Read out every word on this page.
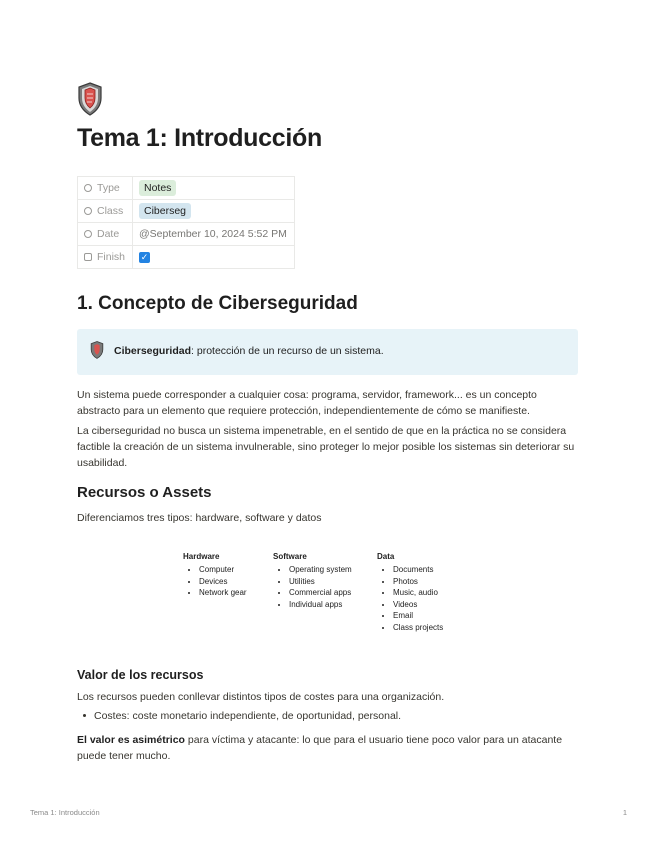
Tema 1: Introducción
Type	Notes
Class	Ciberseg
Date	@September 10, 2024 5:52 PM
Finish	✓
1. Concepto de Ciberseguridad
Ciberseguridad: protección de un recurso de un sistema.

Un sistema puede corresponder a cualquier cosa: programa, servidor, framework... es un concepto abstracto para un elemento que requiere protección, independientemente de cómo se manifieste.

La ciberseguridad no busca un sistema impenetrable, en el sentido de que en la práctica no se considera factible la creación de un sistema invulnerable, sino proteger lo mejor posible los sistemas sin deteriorar su usabilidad.

Recursos o Assets

Diferenciamos tres tipos: hardware, software y datos

Hardware
• Computer
• Devices
• Network gear
Software
• Operating system
• Utilities
• Commercial apps
• Individual apps
Data
• Documents
• Photos
• Music, audio
• Videos
• Email
• Class projects
Valor de los recursos

Los recursos pueden conllevar distintos tipos de costes para una organización.

Costes: coste monetario independiente, de oportunidad, personal.

El valor es asimétrico para víctima y atacante: lo que para el usuario tiene poco valor para un atacante puede tener mucho.

Tema 1: Introducción	1
